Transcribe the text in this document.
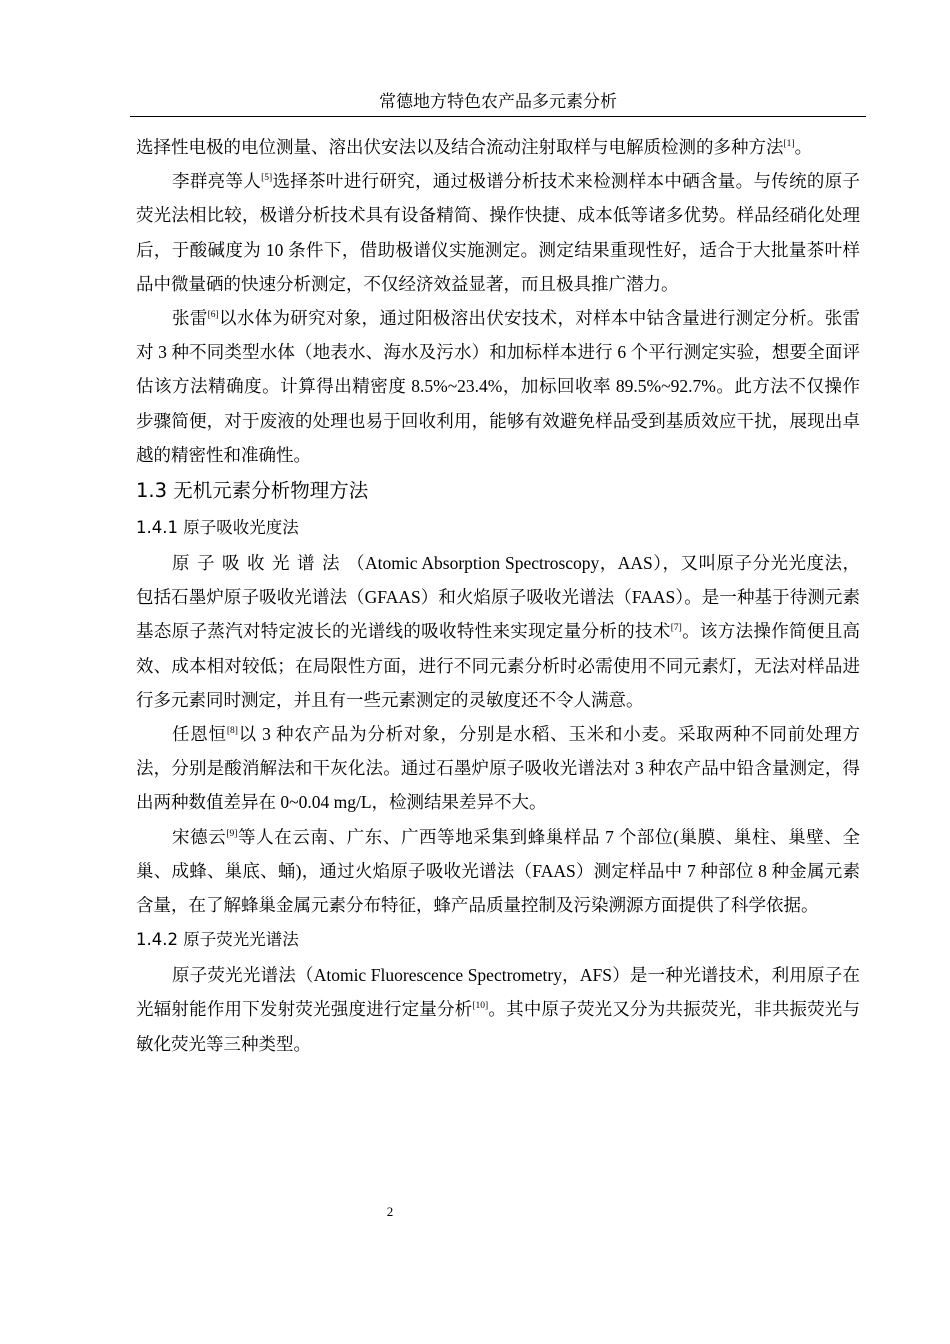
常德地方特色农产品多元素分析

选择性电极的电位测量、溶出伏安法以及结合流动注射取样与电解质检测的多种方法[1]。

李群亮等人[5]选择茶叶进行研究，通过极谱分析技术来检测样本中硒含量。与传统的原子荧光法相比较，极谱分析技术具有设备精简、操作快捷、成本低等诸多优势。样品经硝化处理后，于酸碱度为 10 条件下，借助极谱仪实施测定。测定结果重现性好，适合于大批量茶叶样品中微量硒的快速分析测定，不仅经济效益显著，而且极具推广潜力。

张雷[6]以水体为研究对象，通过阳极溶出伏安技术，对样本中钴含量进行测定分析。张雷对 3 种不同类型水体（地表水、海水及污水）和加标样本进行 6 个平行测定实验，想要全面评估该方法精确度。计算得出精密度 8.5%~23.4%，加标回收率 89.5%~92.7%。此方法不仅操作步骤简便，对于废液的处理也易于回收利用，能够有效避免样品受到基质效应干扰，展现出卓越的精密性和准确性。

1.3 无机元素分析物理方法

1.4.1 原子吸收光度法

原子吸收光谱法（Atomic Absorption Spectroscopy，AAS），又叫原子分光光度法，包括石墨炉原子吸收光谱法（GFAAS）和火焰原子吸收光谱法（FAAS）。是一种基于待测元素基态原子蒸汽对特定波长的光谱线的吸收特性来实现定量分析的技术[7]。该方法操作简便且高效、成本相对较低；在局限性方面，进行不同元素分析时必需使用不同元素灯，无法对样品进行多元素同时测定，并且有一些元素测定的灵敏度还不令人满意。

任恩恒[8]以 3 种农产品为分析对象，分别是水稻、玉米和小麦。采取两种不同前处理方法，分别是酸消解法和干灰化法。通过石墨炉原子吸收光谱法对 3 种农产品中铅含量测定，得出两种数值差异在 0~0.04 mg/L，检测结果差异不大。

宋德云[9]等人在云南、广东、广西等地采集到蜂巢样品 7 个部位(巢膜、巢柱、巢壁、全巢、成蜂、巢底、蛹)，通过火焰原子吸收光谱法（FAAS）测定样品中 7 种部位 8 种金属元素含量，在了解蜂巢金属元素分布特征，蜂产品质量控制及污染溯源方面提供了科学依据。

1.4.2 原子荧光光谱法

原子荧光光谱法（Atomic Fluorescence Spectrometry，AFS）是一种光谱技术，利用原子在光辐射能作用下发射荧光强度进行定量分析[10]。其中原子荧光又分为共振荧光，非共振荧光与敏化荧光等三种类型。

2
